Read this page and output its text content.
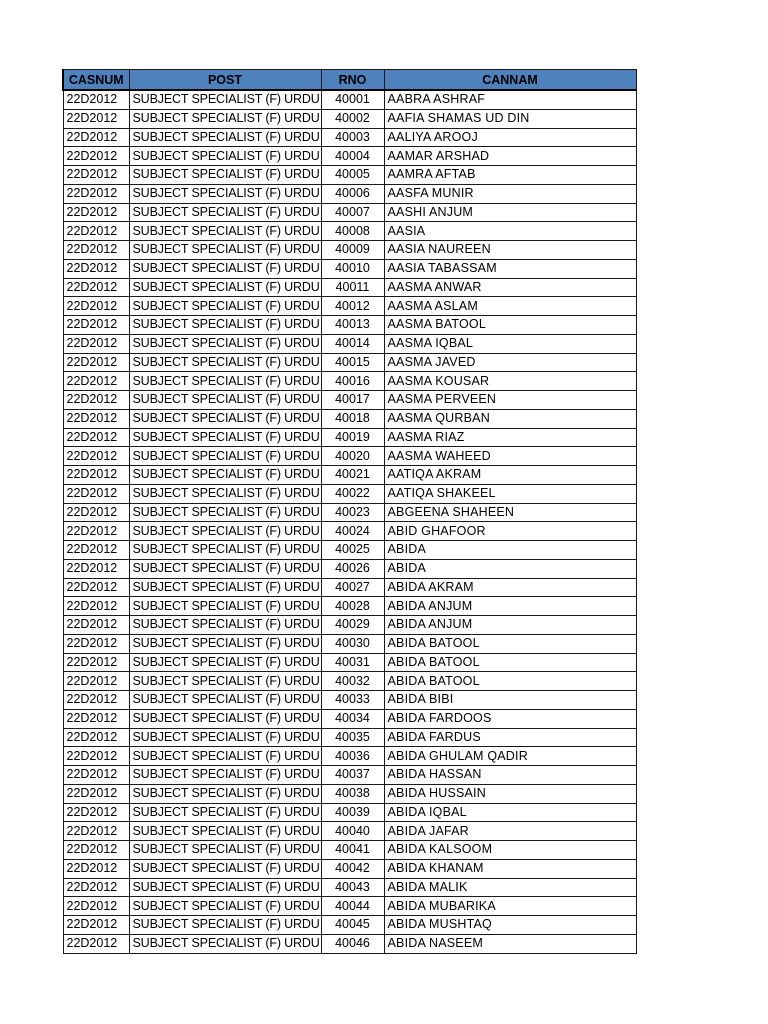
CASNUM	POST	RNO	CANNAM
22D2012	SUBJECT SPECIALIST (F) URDU	40001	AABRA ASHRAF
22D2012	SUBJECT SPECIALIST (F) URDU	40002	AAFIA SHAMAS UD DIN
22D2012	SUBJECT SPECIALIST (F) URDU	40003	AALIYA AROOJ
22D2012	SUBJECT SPECIALIST (F) URDU	40004	AAMAR ARSHAD
22D2012	SUBJECT SPECIALIST (F) URDU	40005	AAMRA AFTAB
22D2012	SUBJECT SPECIALIST (F) URDU	40006	AASFA MUNIR
22D2012	SUBJECT SPECIALIST (F) URDU	40007	AASHI ANJUM
22D2012	SUBJECT SPECIALIST (F) URDU	40008	AASIA
22D2012	SUBJECT SPECIALIST (F) URDU	40009	AASIA NAUREEN
22D2012	SUBJECT SPECIALIST (F) URDU	40010	AASIA TABASSAM
22D2012	SUBJECT SPECIALIST (F) URDU	40011	AASMA ANWAR
22D2012	SUBJECT SPECIALIST (F) URDU	40012	AASMA ASLAM
22D2012	SUBJECT SPECIALIST (F) URDU	40013	AASMA BATOOL
22D2012	SUBJECT SPECIALIST (F) URDU	40014	AASMA IQBAL
22D2012	SUBJECT SPECIALIST (F) URDU	40015	AASMA JAVED
22D2012	SUBJECT SPECIALIST (F) URDU	40016	AASMA KOUSAR
22D2012	SUBJECT SPECIALIST (F) URDU	40017	AASMA PERVEEN
22D2012	SUBJECT SPECIALIST (F) URDU	40018	AASMA QURBAN
22D2012	SUBJECT SPECIALIST (F) URDU	40019	AASMA RIAZ
22D2012	SUBJECT SPECIALIST (F) URDU	40020	AASMA WAHEED
22D2012	SUBJECT SPECIALIST (F) URDU	40021	AATIQA AKRAM
22D2012	SUBJECT SPECIALIST (F) URDU	40022	AATIQA SHAKEEL
22D2012	SUBJECT SPECIALIST (F) URDU	40023	ABGEENA SHAHEEN
22D2012	SUBJECT SPECIALIST (F) URDU	40024	ABID GHAFOOR
22D2012	SUBJECT SPECIALIST (F) URDU	40025	ABIDA
22D2012	SUBJECT SPECIALIST (F) URDU	40026	ABIDA
22D2012	SUBJECT SPECIALIST (F) URDU	40027	ABIDA AKRAM
22D2012	SUBJECT SPECIALIST (F) URDU	40028	ABIDA ANJUM
22D2012	SUBJECT SPECIALIST (F) URDU	40029	ABIDA ANJUM
22D2012	SUBJECT SPECIALIST (F) URDU	40030	ABIDA BATOOL
22D2012	SUBJECT SPECIALIST (F) URDU	40031	ABIDA BATOOL
22D2012	SUBJECT SPECIALIST (F) URDU	40032	ABIDA BATOOL
22D2012	SUBJECT SPECIALIST (F) URDU	40033	ABIDA BIBI
22D2012	SUBJECT SPECIALIST (F) URDU	40034	ABIDA FARDOOS
22D2012	SUBJECT SPECIALIST (F) URDU	40035	ABIDA FARDUS
22D2012	SUBJECT SPECIALIST (F) URDU	40036	ABIDA GHULAM QADIR
22D2012	SUBJECT SPECIALIST (F) URDU	40037	ABIDA HASSAN
22D2012	SUBJECT SPECIALIST (F) URDU	40038	ABIDA HUSSAIN
22D2012	SUBJECT SPECIALIST (F) URDU	40039	ABIDA IQBAL
22D2012	SUBJECT SPECIALIST (F) URDU	40040	ABIDA JAFAR
22D2012	SUBJECT SPECIALIST (F) URDU	40041	ABIDA KALSOOM
22D2012	SUBJECT SPECIALIST (F) URDU	40042	ABIDA KHANAM
22D2012	SUBJECT SPECIALIST (F) URDU	40043	ABIDA MALIK
22D2012	SUBJECT SPECIALIST (F) URDU	40044	ABIDA MUBARIKA
22D2012	SUBJECT SPECIALIST (F) URDU	40045	ABIDA MUSHTAQ
22D2012	SUBJECT SPECIALIST (F) URDU	40046	ABIDA NASEEM
